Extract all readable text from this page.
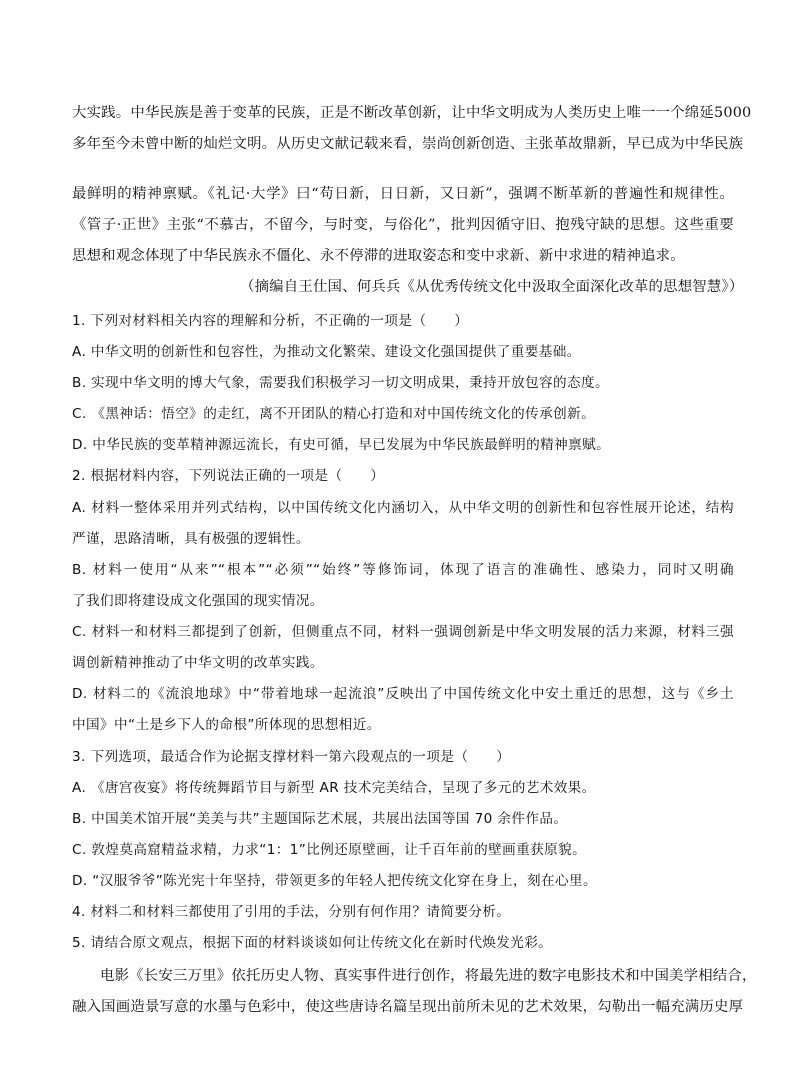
大实践。中华民族是善于变革的民族，正是不断改革创新，让中华文明成为人类历史上唯一一个绵延5000
多年至今未曾中断的灿烂文明。从历史文献记载来看，崇尚创新创造、主张革故鼎新，早已成为中华民族
最鲜明的精神禀赋。《礼记·大学》曰“苟日新，日日新，又日新”，强调不断革新的普遍性和规律性。
《管子·正世》主张“不慕古，不留今，与时变，与俗化”，批判因循守旧、抱残守缺的思想。这些重要
思想和观念体现了中华民族永不僵化、永不停滞的进取姿态和变中求新、新中求进的精神追求。
（摘编自王仕国、何兵兵《从优秀传统文化中汲取全面深化改革的思想智慧》）
1. 下列对材料相关内容的理解和分析，不正确的一项是（　　）
A. 中华文明的创新性和包容性，为推动文化繁荣、建设文化强国提供了重要基础。
B. 实现中华文明的博大气象，需要我们积极学习一切文明成果，秉持开放包容的态度。
C. 《黑神话：悟空》的走红，离不开团队的精心打造和对中国传统文化的传承创新。
D. 中华民族的变革精神源远流长，有史可循，早已发展为中华民族最鲜明的精神禀赋。
2. 根据材料内容，下列说法正确的一项是（　　）
A. 材料一整体采用并列式结构，以中国传统文化内涵切入，从中华文明的创新性和包容性展开论述，结构
严谨，思路清晰，具有极强的逻辑性。
B. 材料一使用“从来”“根本”“必须”“始终”等修饰词，体现了语言的准确性、感染力，同时又明确
了我们即将建设成文化强国的现实情况。
C. 材料一和材料三都提到了创新，但侧重点不同，材料一强调创新是中华文明发展的活力来源，材料三强
调创新精神推动了中华文明的改革实践。
D. 材料二的《流浪地球》中“带着地球一起流浪”反映出了中国传统文化中安土重迁的思想，这与《乡土
中国》中“土是乡下人的命根”所体现的思想相近。
3. 下列选项，最适合作为论据支撑材料一第六段观点的一项是（　　）
A. 《唐宫夜宴》将传统舞蹈节目与新型 AR 技术完美结合，呈现了多元的艺术效果。
B. 中国美术馆开展“美美与共”主题国际艺术展，共展出法国等国 70 余件作品。
C. 敦煌莫高窟精益求精，力求“1：1”比例还原壁画，让千百年前的壁画重获原貌。
D. “汉服爷爷”陈光宪十年坚持，带领更多的年轻人把传统文化穿在身上，刻在心里。
4. 材料二和材料三都使用了引用的手法，分别有何作用？请简要分析。
5. 请结合原文观点，根据下面的材料谈谈如何让传统文化在新时代焕发光彩。
电影《长安三万里》依托历史人物、真实事件进行创作，将最先进的数字电影技术和中国美学相结合，
融入国画造景写意的水墨与色彩中，使这些唐诗名篇呈现出前所未见的艺术效果，勾勒出一幅充满历史厚
